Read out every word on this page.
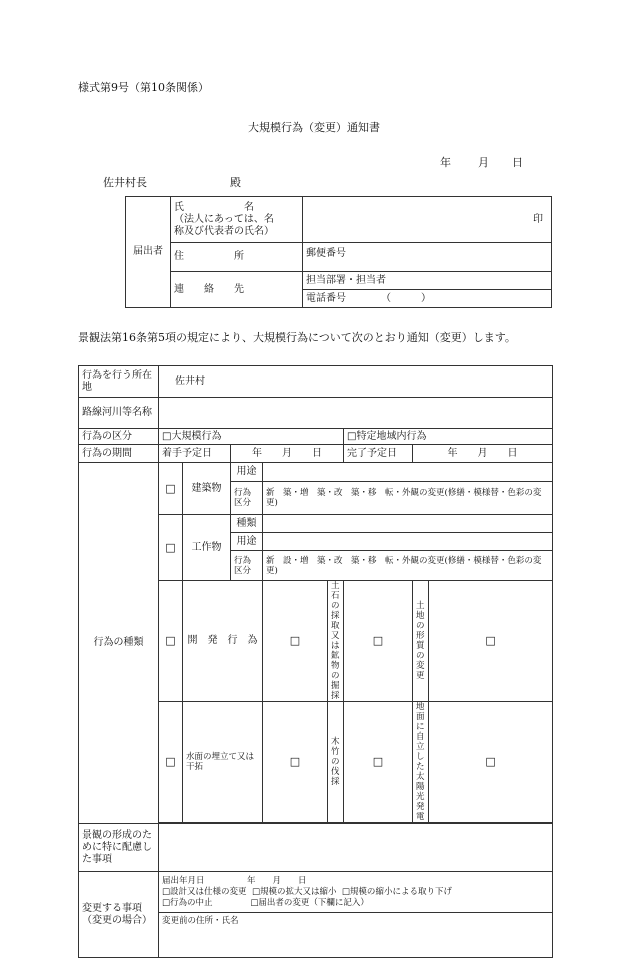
様式第9号（第10条関係）
大規模行為（変更）通知書
年 月 日
佐井村長	殿
届出者	氏　　　　　　名
（法人にあっては、名
称及び代表者の氏名）	印
	住　　　　　所	郵便番号
	連　　絡　　先	担当部署・担当者
電話番号　　　　（　　　）
景観法第16条第5項の規定により、大規模行為について次のとおり通知（変更）します。
行為を行う所在地	佐井村								
路線河川等名称									
行為の区分	□大規模行為					□特定地域内行為			
行為の期間	着手予定日		年　　月　　日			完了予定日	年　　月　　日		
行為の種類	□	建築物	用途						
			行為区分	新　築・増　築・改　築・移　転・外観の変更(修繕・模様替・色彩の変更)					
	□	工作物	種類						
			用途						
			行為区分	新　設・増　築・改　築・移　転・外観の変更(修繕・模様替・色彩の変更)					
	□	開　発　行　為		□	土石の採取又は鉱物の掘採	□	土地の形質の変更	□	
	□	水面の埋立て又は干拓		□	木竹の伐採	□	地面に自立した太陽光発電	□	

景観の形成のために特に配慮した事項									
変更する事項（変更の場合）	届出年月日　　　　　年　　月　　日
□設計又は仕様の変更 □規模の拡大又は縮小 □規模の縮小による取り下げ
□行為の中止 □届出者の変更（下欄に記入）
変更前の住所・氏名								
